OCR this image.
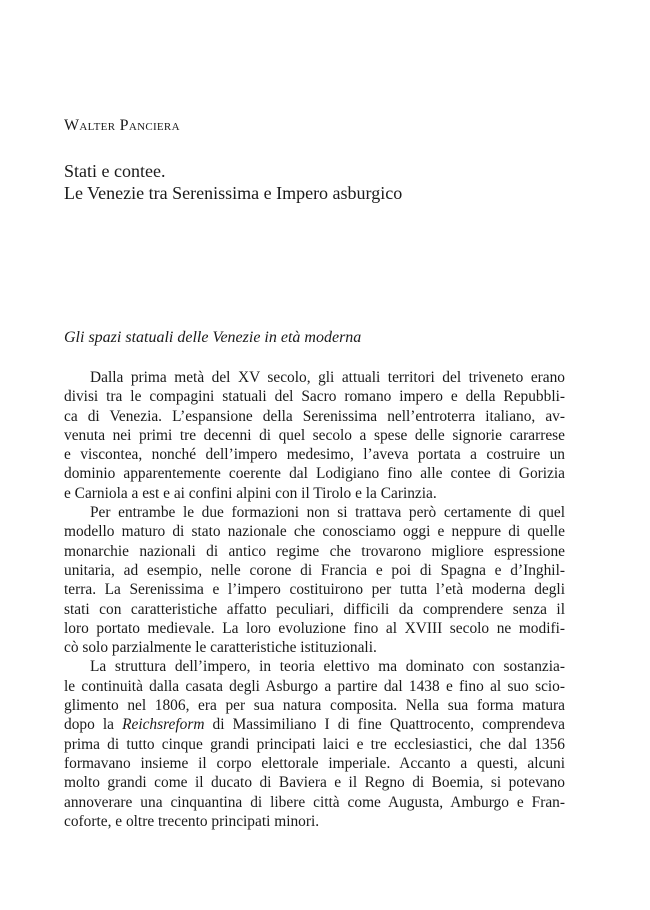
Walter Panciera
Stati e contee.
Le Venezie tra Serenissima e Impero asburgico
Gli spazi statuali delle Venezie in età moderna
Dalla prima metà del XV secolo, gli attuali territori del triveneto erano
divisi tra le compagini statuali del Sacro romano impero e della Repubbli-
ca di Venezia. L’espansione della Serenissima nell’entroterra italiano, av-
venuta nei primi tre decenni di quel secolo a spese delle signorie cararrese
e viscontea, nonché dell’impero medesimo, l’aveva portata a costruire un
dominio apparentemente coerente dal Lodigiano fino alle contee di Gorizia
e Carniola a est e ai confini alpini con il Tirolo e la Carinzia.
Per entrambe le due formazioni non si trattava però certamente di quel
modello maturo di stato nazionale che conosciamo oggi e neppure di quelle
monarchie nazionali di antico regime che trovarono migliore espressione
unitaria, ad esempio, nelle corone di Francia e poi di Spagna e d’Inghil-
terra. La Serenissima e l’impero costituirono per tutta l’età moderna degli
stati con caratteristiche affatto peculiari, difficili da comprendere senza il
loro portato medievale. La loro evoluzione fino al XVIII secolo ne modifi-
cò solo parzialmente le caratteristiche istituzionali.
La struttura dell’impero, in teoria elettivo ma dominato con sostanzia-
le continuità dalla casata degli Asburgo a partire dal 1438 e fino al suo scio-
glimento nel 1806, era per sua natura composita. Nella sua forma matura
dopo la Reichsreform di Massimiliano I di fine Quattrocento, comprendeva
prima di tutto cinque grandi principati laici e tre ecclesiastici, che dal 1356
formavano insieme il corpo elettorale imperiale. Accanto a questi, alcuni
molto grandi come il ducato di Baviera e il Regno di Boemia, si potevano
annoverare una cinquantina di libere città come Augusta, Amburgo e Fran-
coforte, e oltre trecento principati minori.
